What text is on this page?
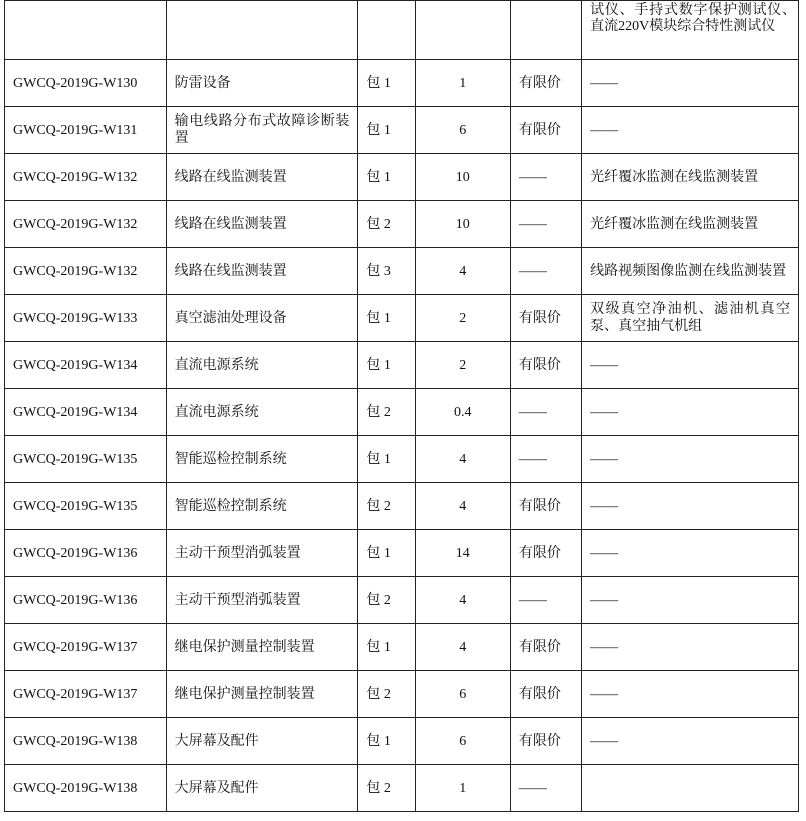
					试仪、手持式数字保护测试仪、直流220V模块综合特性测试仪
GWCQ-2019G-W130	防雷设备	包 1	1	有限价	——
GWCQ-2019G-W131	输电线路分布式故障诊断装置	包 1	6	有限价	——
GWCQ-2019G-W132	线路在线监测装置	包 1	10	——	光纤覆冰监测在线监测装置
GWCQ-2019G-W132	线路在线监测装置	包 2	10	——	光纤覆冰监测在线监测装置
GWCQ-2019G-W132	线路在线监测装置	包 3	4	——	线路视频图像监测在线监测装置
GWCQ-2019G-W133	真空滤油处理设备	包 1	2	有限价	双级真空净油机、滤油机真空泵、真空抽气机组
GWCQ-2019G-W134	直流电源系统	包 1	2	有限价	——
GWCQ-2019G-W134	直流电源系统	包 2	0.4	——	——
GWCQ-2019G-W135	智能巡检控制系统	包 1	4	——	——
GWCQ-2019G-W135	智能巡检控制系统	包 2	4	有限价	——
GWCQ-2019G-W136	主动干预型消弧装置	包 1	14	有限价	——
GWCQ-2019G-W136	主动干预型消弧装置	包 2	4	——	——
GWCQ-2019G-W137	继电保护测量控制装置	包 1	4	有限价	——
GWCQ-2019G-W137	继电保护测量控制装置	包 2	6	有限价	——
GWCQ-2019G-W138	大屏幕及配件	包 1	6	有限价	——
GWCQ-2019G-W138	大屏幕及配件	包 2	1	——	
